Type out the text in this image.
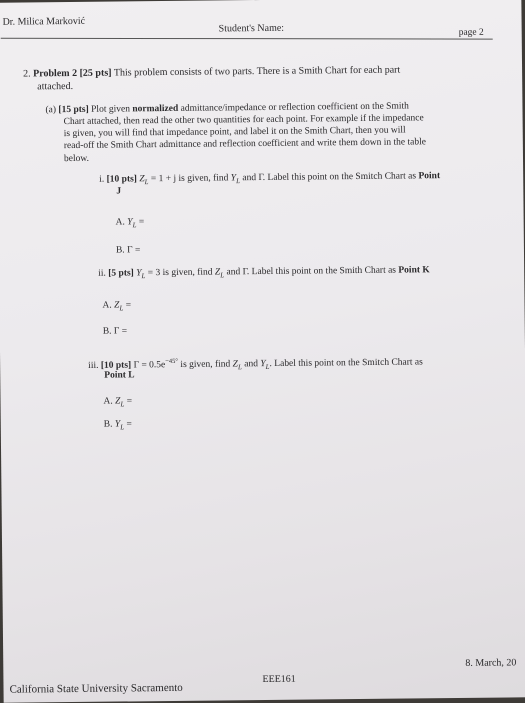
Dr. Milica Marković
Student's Name:	page 2
2. Problem 2 [25 pts] This problem consists of two parts. There is a Smith Chart for each part
attached.
(a) [15 pts] Plot given normalized admittance/impedance or reflection coefficient on the Smith
Chart attached, then read the other two quantities for each point. For example if the impedance
is given, you will find that impedance point, and label it on the Smith Chart, then you will
read-off the Smith Chart admittance and reflection coefficient and write them down in the table
below.
i. [10 pts] $Z_L = 1 + j$ is given, find $Y_L$ and Γ. Label this point on the Smitch Chart as Point
J
A. $Y_L$ =
B. Γ =
ii. [5 pts] $Y_L = 3$ is given, find $Z_L$ and Γ. Label this point on the Smith Chart as Point K
A. $Z_L$ =
B. Γ =
iii. [10 pts] $\Gamma = 0.5e^{-45^\circ}$ is given, find $Z_L$ and $Y_L$. Label this point on the Smitch Chart as
Point L
A. $Z_L$ =
B. $Y_L$ =
California State University Sacramento
EEE161
8. March, 20
